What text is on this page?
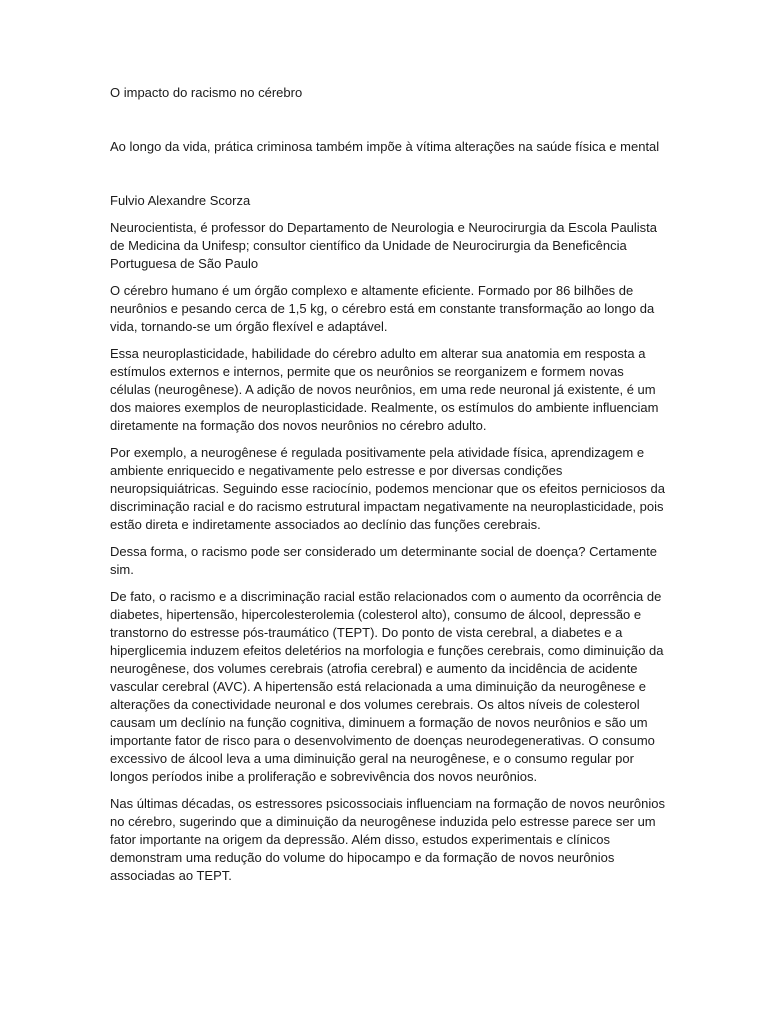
O impacto do racismo no cérebro

Ao longo da vida, prática criminosa também impõe à vítima alterações na saúde física e mental

Fulvio Alexandre Scorza

Neurocientista, é professor do Departamento de Neurologia e Neurocirurgia da Escola Paulista de Medicina da Unifesp; consultor científico da Unidade de Neurocirurgia da Beneficência Portuguesa de São Paulo

O cérebro humano é um órgão complexo e altamente eficiente. Formado por 86 bilhões de neurônios e pesando cerca de 1,5 kg, o cérebro está em constante transformação ao longo da vida, tornando-se um órgão flexível e adaptável.

Essa neuroplasticidade, habilidade do cérebro adulto em alterar sua anatomia em resposta a estímulos externos e internos, permite que os neurônios se reorganizem e formem novas células (neurogênese). A adição de novos neurônios, em uma rede neuronal já existente, é um dos maiores exemplos de neuroplasticidade. Realmente, os estímulos do ambiente influenciam diretamente na formação dos novos neurônios no cérebro adulto.

Por exemplo, a neurogênese é regulada positivamente pela atividade física, aprendizagem e ambiente enriquecido e negativamente pelo estresse e por diversas condições neuropsiquiátricas. Seguindo esse raciocínio, podemos mencionar que os efeitos perniciosos da discriminação racial e do racismo estrutural impactam negativamente na neuroplasticidade, pois estão direta e indiretamente associados ao declínio das funções cerebrais.

Dessa forma, o racismo pode ser considerado um determinante social de doença? Certamente sim.

De fato, o racismo e a discriminação racial estão relacionados com o aumento da ocorrência de diabetes, hipertensão, hipercolesterolemia (colesterol alto), consumo de álcool, depressão e transtorno do estresse pós-traumático (TEPT). Do ponto de vista cerebral, a diabetes e a hiperglicemia induzem efeitos deletérios na morfologia e funções cerebrais, como diminuição da neurogênese, dos volumes cerebrais (atrofia cerebral) e aumento da incidência de acidente vascular cerebral (AVC). A hipertensão está relacionada a uma diminuição da neurogênese e alterações da conectividade neuronal e dos volumes cerebrais. Os altos níveis de colesterol causam um declínio na função cognitiva, diminuem a formação de novos neurônios e são um importante fator de risco para o desenvolvimento de doenças neurodegenerativas. O consumo excessivo de álcool leva a uma diminuição geral na neurogênese, e o consumo regular por longos períodos inibe a proliferação e sobrevivência dos novos neurônios.

Nas últimas décadas, os estressores psicossociais influenciam na formação de novos neurônios no cérebro, sugerindo que a diminuição da neurogênese induzida pelo estresse parece ser um fator importante na origem da depressão. Além disso, estudos experimentais e clínicos demonstram uma redução do volume do hipocampo e da formação de novos neurônios associadas ao TEPT.
